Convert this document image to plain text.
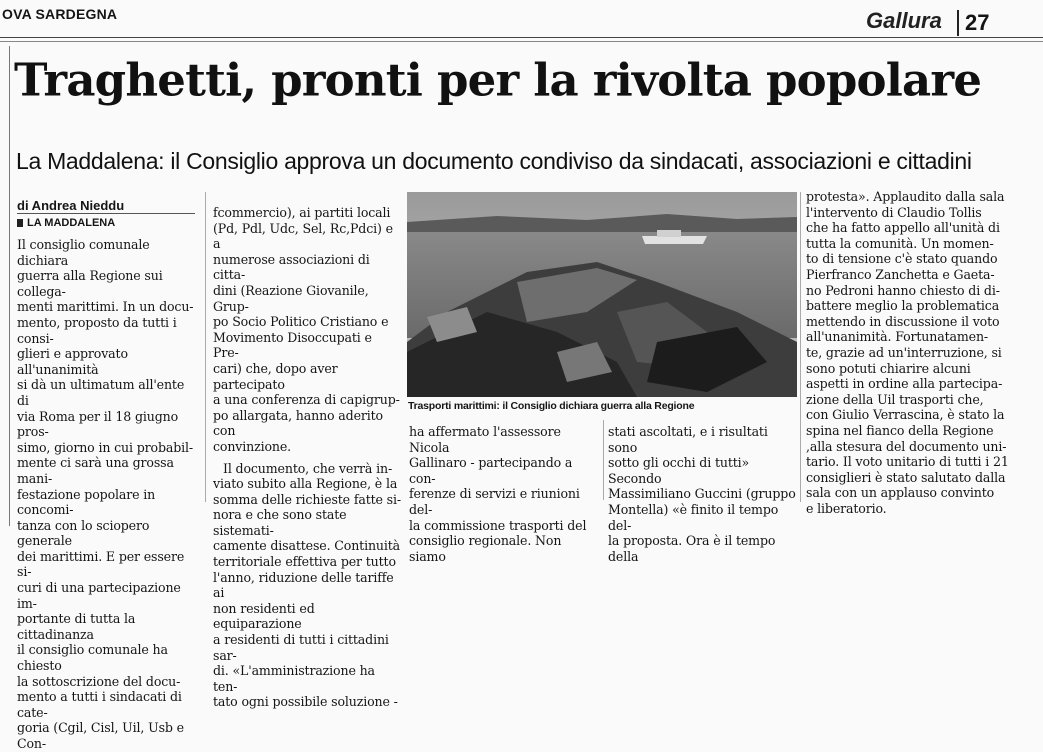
OVA SARDEGNA	Gallura 27
Traghetti, pronti per la rivolta popolare
La Maddalena: il Consiglio approva un documento condiviso da sindacati, associazioni e cittadini
di Andrea Nieddu
LA MADDALENA

Il consiglio comunale dichiara
guerra alla Regione sui collega-
menti marittimi. In un docu-
mento, proposto da tutti i consi-
glieri e approvato all'unanimità
si dà un ultimatum all'ente di
via Roma per il 18 giugno pros-
simo, giorno in cui probabil-
mente ci sarà una grossa mani-
festazione popolare in concomi-
tanza con lo sciopero generale
dei marittimi. E per essere si-
curi di una partecipazione im-
portante di tutta la cittadinanza
il consiglio comunale ha chiesto
la sottoscrizione del docu-
mento a tutti i sindacati di cate-
goria (Cgil, Cisl, Uil, Usb e Con-

fcommercio), ai partiti locali
(Pd, Pdl, Udc, Sel, Rc,Pdci) e a
numerose associazioni di citta-
dini (Reazione Giovanile, Grup-
po Socio Politico Cristiano e
Movimento Disoccupati e Pre-
cari) che, dopo aver partecipato
a una conferenza di capigrup-
po allargata, hanno aderito con
convinzione.

Il documento, che verrà in-
viato subito alla Regione, è la
somma delle richieste fatte si-
nora e che sono state sistemati-
camente disattese. Continuità
territoriale effettiva per tutto
l'anno, riduzione delle tariffe ai
non residenti ed equiparazione
a residenti di tutti i cittadini sar-
di. «L'amministrazione ha ten-
tato ogni possibile soluzione -

Trasporti marittimi: il Consiglio dichiara guerra alla Regione

ha affermato l'assessore Nicola
Gallinaro - partecipando a con-
ferenze di servizi e riunioni del-
la commissione trasporti del
consiglio regionale. Non siamo

stati ascoltati, e i risultati sono
sotto gli occhi di tutti» Secondo
Massimiliano Guccini (gruppo
Montella) «è finito il tempo del-
la proposta. Ora è il tempo della

protesta». Applaudito dalla sala
l'intervento di Claudio Tollis
che ha fatto appello all'unità di
tutta la comunità. Un momen-
to di tensione c'è stato quando
Pierfranco Zanchetta e Gaeta-
no Pedroni hanno chiesto di di-
battere meglio la problematica
mettendo in discussione il voto
all'unanimità. Fortunatamen-
te, grazie ad un'interruzione, si
sono potuti chiarire alcuni
aspetti in ordine alla partecipa-
zione della Uil trasporti che,
con Giulio Verrascina, è stato la
spina nel fianco della Regione
,alla stesura del documento uni-
tario. Il voto unitario di tutti i 21
consiglieri è stato salutato dalla
sala con un applauso convinto
e liberatorio.
